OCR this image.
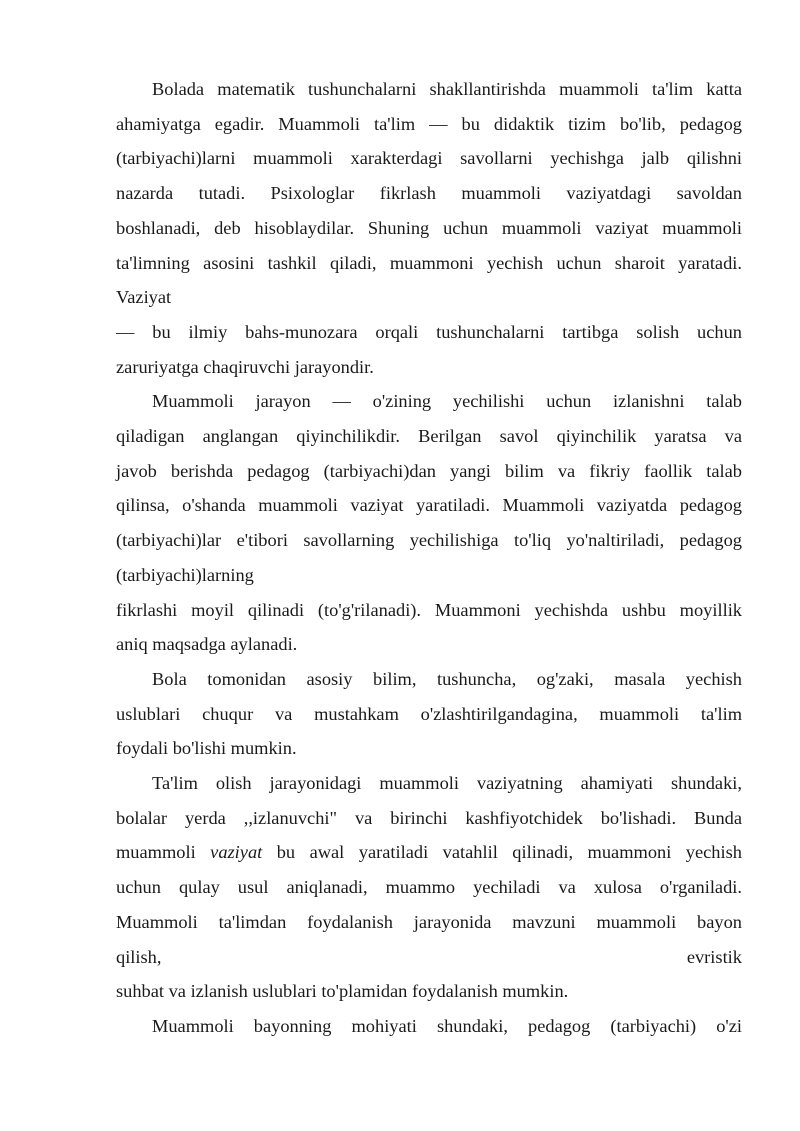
Bolada matematik tushunchalarni shakllantirishda muammoli ta'lim katta
ahamiyatga egadir. Muammoli ta'lim — bu didaktik tizim bo'lib, pedagog
(tarbiyachi)larni muammoli xarakterdagi savollarni yechishga jalb qilishni
nazarda tutadi. Psixologlar fikrlash muammoli vaziyatdagi savoldan
boshlanadi, deb hisoblaydilar. Shuning uchun muammoli vaziyat muammoli
ta'limning asosini tashkil qiladi, muammoni yechish uchun sharoit yaratadi.
Vaziyat
— bu ilmiy bahs-munozara orqali tushunchalarni tartibga solish uchun
zaruriyatga chaqiruvchi jarayondir.
Muammoli jarayon — o'zining yechilishi uchun izlanishni talab
qiladigan anglangan qiyinchilikdir. Berilgan savol qiyinchilik yaratsa va
javob berishda pedagog (tarbiyachi)dan yangi bilim va fikriy faollik talab
qilinsa, o'shanda muammoli vaziyat yaratiladi. Muammoli vaziyatda pedagog
(tarbiyachi)lar e'tibori savollarning yechilishiga to'liq yo'naltiriladi, pedagog
(tarbiyachi)larning
fikrlashi moyil qilinadi (to'g'rilanadi). Muammoni yechishda ushbu moyillik
aniq maqsadga aylanadi.
Bola tomonidan asosiy bilim, tushuncha, og'zaki, masala yechish
uslublari chuqur va mustahkam o'zlashtirilgandagina, muammoli ta'lim
foydali bo'lishi mumkin.
Ta'lim olish jarayonidagi muammoli vaziyatning ahamiyati shundaki,
bolalar yerda ,,izlanuvchi" va birinchi kashfiyotchidek bo'lishadi. Bunda
muammoli vaziyat bu awal yaratiladi vatahlil qilinadi, muammoni yechish
uchun qulay usul aniqlanadi, muammo yechiladi va xulosa o'rganiladi.
Muammoli ta'limdan foydalanish jarayonida mavzuni muammoli bayon
qilish,	evristik
suhbat va izlanish uslublari to'plamidan foydalanish mumkin.
Muammoli bayonning mohiyati shundaki, pedagog (tarbiyachi) o'zi
